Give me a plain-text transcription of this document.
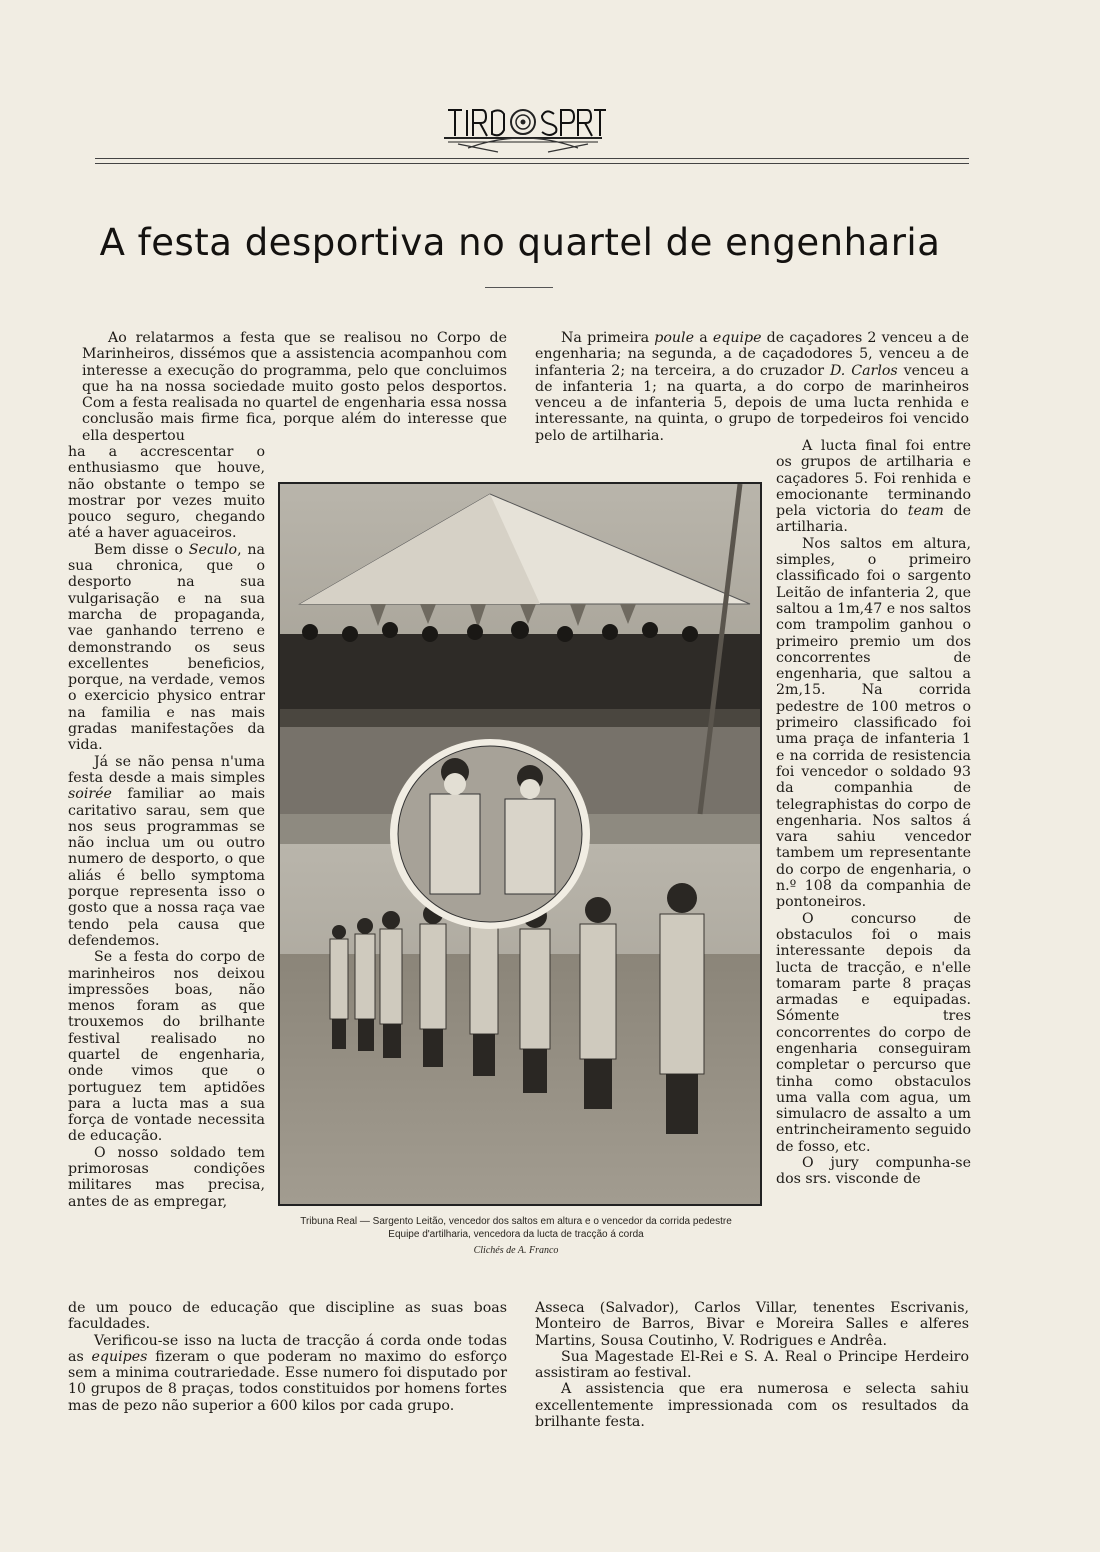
A festa desportiva no quartel de engenharia

Ao relatarmos a festa que se realisou no Corpo de Marinheiros, dissémos que a assistencia acompanhou com interesse a execução do programma, pelo que concluimos que ha na nossa sociedade muito gosto pelos desportos. Com a festa realisada no quartel de engenharia essa nossa conclusão mais firme fica, porque além do interesse que ella despertou

ha a accrescentar o enthusiasmo que houve, não obstante o tempo se mostrar por vezes muito pouco seguro, chegando até a haver aguaceiros.

Bem disse o Seculo, na sua chronica, que o desporto na sua vulgarisação e na sua marcha de propaganda, vae ganhando terreno e demonstrando os seus excellentes beneficios, porque, na verdade, vemos o exercicio physico entrar na familia e nas mais gradas manifestações da vida.

Já se não pensa n'uma festa desde a mais simples soirée familiar ao mais caritativo sarau, sem que nos seus programmas se não inclua um ou outro numero de desporto, o que aliás é bello symptoma porque representa isso o gosto que a nossa raça vae tendo pela causa que defendemos.

Se a festa do corpo de marinheiros nos deixou impressões boas, não menos foram as que trouxemos do brilhante festival realisado no quartel de engenharia, onde vimos que o portuguez tem aptidões para a lucta mas a sua força de vontade necessita de educação.

O nosso soldado tem primorosas condições militares mas precisa, antes de as empregar,

de um pouco de educação que discipline as suas boas faculdades.

Verificou-se isso na lucta de tracção á corda onde todas as equipes fizeram o que poderam no maximo do esforço sem a minima coutrariedade. Esse numero foi disputado por 10 grupos de 8 praças, todos constituidos por homens fortes mas de pezo não superior a 600 kilos por cada grupo.

Na primeira poule a equipe de caçadores 2 venceu a de engenharia; na segunda, a de caçadodores 5, venceu a de infanteria 2; na terceira, a do cruzador D. Carlos venceu a de infanteria 1; na quarta, a do corpo de marinheiros venceu a de infanteria 5, depois de uma lucta renhida e interessante, na quinta, o grupo de torpedeiros foi vencido pelo de artilharia.

A lucta final foi entre os grupos de artilharia e caçadores 5. Foi renhida e emocionante terminando pela victoria do team de artilharia.

Nos saltos em altura, simples, o primeiro classificado foi o sargento Leitão de infanteria 2, que saltou a 1m,47 e nos saltos com trampolim ganhou o primeiro premio um dos concorrentes de engenharia, que saltou a 2m,15. Na corrida pedestre de 100 metros o primeiro classificado foi uma praça de infanteria 1 e na corrida de resistencia foi vencedor o soldado 93 da companhia de telegraphistas do corpo de engenharia. Nos saltos á vara sahiu vencedor tambem um representante do corpo de engenharia, o n.º 108 da companhia de pontoneiros.

O concurso de obstaculos foi o mais interessante depois da lucta de tracção, e n'elle tomaram parte 8 praças armadas e equipadas. Sómente tres concorrentes do corpo de engenharia conseguiram completar o percurso que tinha como obstaculos uma valla com agua, um simulacro de assalto a um entrincheiramento seguido de fosso, etc.

O jury compunha-se dos srs. visconde de

Asseca (Salvador), Carlos Villar, tenentes Escrivanis, Monteiro de Barros, Bivar e Moreira Salles e alferes Martins, Sousa Coutinho, V. Rodrigues e Andrêa.

Sua Magestade El-Rei e S. A. Real o Principe Herdeiro assistiram ao festival.

A assistencia que era numerosa e selecta sahiu excellentemente impressionada com os resultados da brilhante festa.

Tribuna Real — Sargento Leitão, vencedor dos saltos em altura e o vencedor da corrida pedestre
Equipe d'artilharia, vencedora da lucta de tracção á corda
Clichés de A. Franco
